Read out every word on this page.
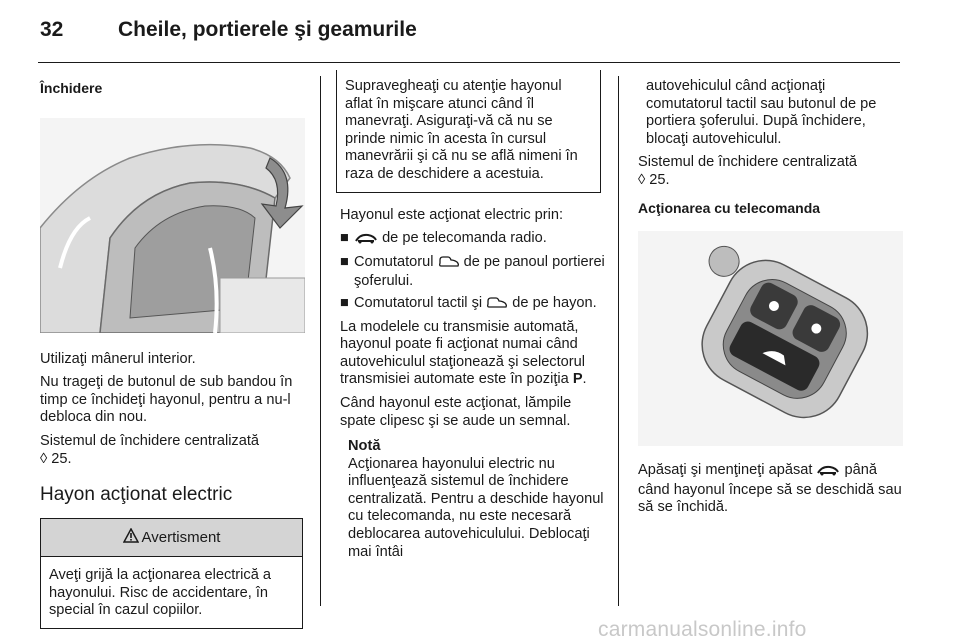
32	Cheile, portierele şi geamurile
Închidere

Utilizaţi mânerul interior.

Nu trageţi de butonul de sub bandou în timp ce închideţi hayonul, pentru a nu-l debloca din nou.

Sistemul de închidere centralizată
◊ 25.

Hayon acţionat electric
Avertisment
Aveţi grijă la acţionarea electrică a hayonului. Risc de accidentare, în special în cazul copiilor.
Supravegheaţi cu atenţie hayonul aflat în mişcare atunci când îl manevraţi. Asiguraţi-vă că nu se prinde nimic în acesta în cursul manevrării şi că nu se află nimeni în raza de deschidere a acestuia.

Hayonul este acţionat electric prin:

■	de pe telecomanda radio.
■ Comutatorul de pe panoul portierei şoferului.
■ Comutatorul tactil şi de pe hayon.

La modelele cu transmisie automată, hayonul poate fi acţionat numai când autovehiculul staţionează şi selectorul transmisiei automate este în poziţia P.

Când hayonul este acţionat, lămpile spate clipesc şi se aude un semnal.

Notă
Acţionarea hayonului electric nu influenţează sistemul de închidere centralizată. Pentru a deschide hayonul cu telecomanda, nu este necesară deblocarea autovehiculului. Deblocaţi mai întâi

autovehiculul când acţionaţi comutatorul tactil sau butonul de pe portiera şoferului. După închidere, blocaţi autovehiculul.

Sistemul de închidere centralizată
◊ 25.

Acţionarea cu telecomanda

Apăsaţi şi menţineţi apăsat până când hayonul începe să se deschidă sau să se închidă.

carmanualsonline.info
